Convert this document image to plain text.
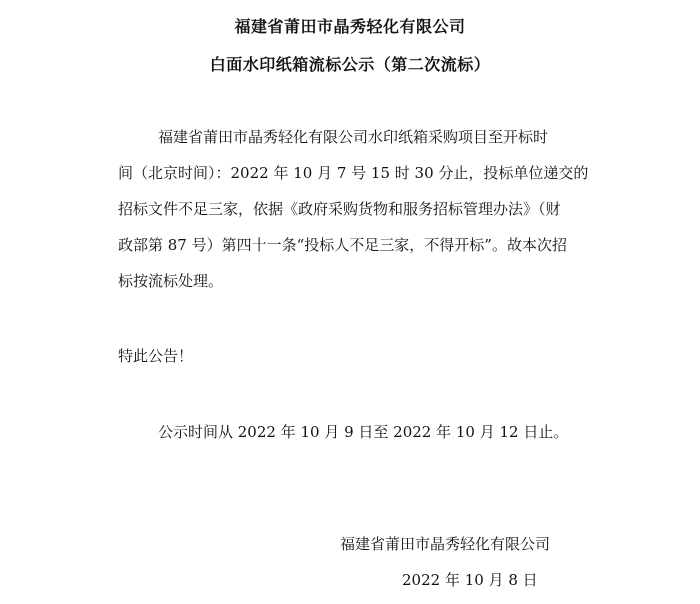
福建省莆田市晶秀轻化有限公司
白面水印纸箱流标公示（第二次流标）
福建省莆田市晶秀轻化有限公司水印纸箱采购项目至开标时
间（北京时间）：2022 年 10 月 7 号 15 时 30 分止，投标单位递交的
招标文件不足三家，依据《政府采购货物和服务招标管理办法》（财
政部第 87 号）第四十一条“投标人不足三家，不得开标”。故本次招
标按流标处理。
特此公告！
公示时间从 2022 年 10 月 9 日至 2022 年 10 月 12 日止。
福建省莆田市晶秀轻化有限公司
2022 年 10 月 8 日
